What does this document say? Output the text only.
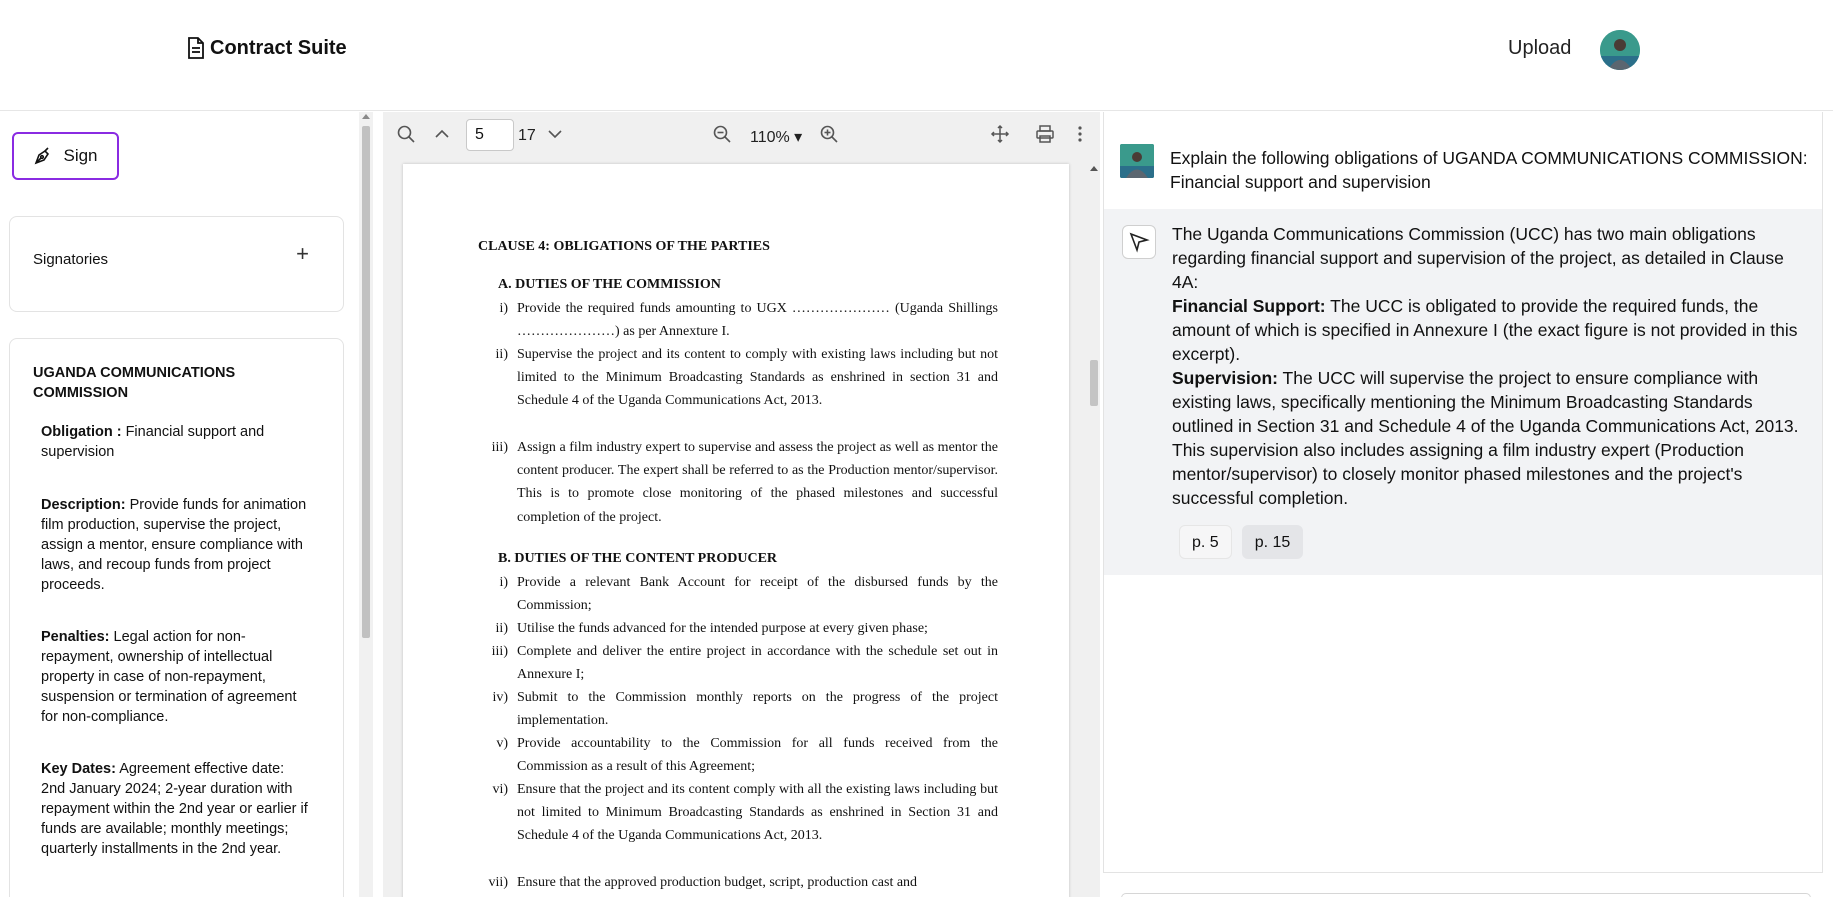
Contract Suite	Upload
Sign
Signatories	+
UGANDA COMMUNICATIONS COMMISSION
Obligation : Financial support and supervision
Description: Provide funds for animation film production, supervise the project, assign a mentor, ensure compliance with laws, and recoup funds from project proceeds.
Penalties: Legal action for non-repayment, ownership of intellectual property in case of non-repayment, suspension or termination of agreement for non-compliance.
Key Dates: Agreement effective date: 2nd January 2024; 2-year duration with repayment within the 2nd year or earlier if funds are available; monthly meetings; quarterly installments in the 2nd year.
5	17	110% ▾
CLAUSE 4: OBLIGATIONS OF THE PARTIES
A. DUTIES OF THE COMMISSION
i) Provide the required funds amounting to UGX ………………… (Uganda Shillings …………………) as per Annexture I.
ii) Supervise the project and its content to comply with existing laws including but not limited to the Minimum Broadcasting Standards as enshrined in section 31 and Schedule 4 of the Uganda Communications Act, 2013.
iii) Assign a film industry expert to supervise and assess the project as well as mentor the content producer. The expert shall be referred to as the Production mentor/supervisor. This is to promote close monitoring of the phased milestones and successful completion of the project.
B. DUTIES OF THE CONTENT PRODUCER
i) Provide a relevant Bank Account for receipt of the disbursed funds by the Commission;
ii) Utilise the funds advanced for the intended purpose at every given phase;
iii) Complete and deliver the entire project in accordance with the schedule set out in Annexure I;
iv) Submit to the Commission monthly reports on the progress of the project implementation.
v) Provide accountability to the Commission for all funds received from the Commission as a result of this Agreement;
vi) Ensure that the project and its content comply with all the existing laws including but not limited to Minimum Broadcasting Standards as enshrined in Section 31 and Schedule 4 of the Uganda Communications Act, 2013.
vii) Ensure that the approved production budget, script, production cast and
Explain the following obligations of UGANDA COMMUNICATIONS COMMISSION: Financial support and supervision

The Uganda Communications Commission (UCC) has two main obligations regarding financial support and supervision of the project, as detailed in Clause 4A:

Financial Support: The UCC is obligated to provide the required funds, the amount of which is specified in Annexure I (the exact figure is not provided in this excerpt).

Supervision: The UCC will supervise the project to ensure compliance with existing laws, specifically mentioning the Minimum Broadcasting Standards outlined in Section 31 and Schedule 4 of the Uganda Communications Act, 2013. This supervision also includes assigning a film industry expert (Production mentor/supervisor) to closely monitor phased milestones and the project's successful completion.

p. 5	p. 15
